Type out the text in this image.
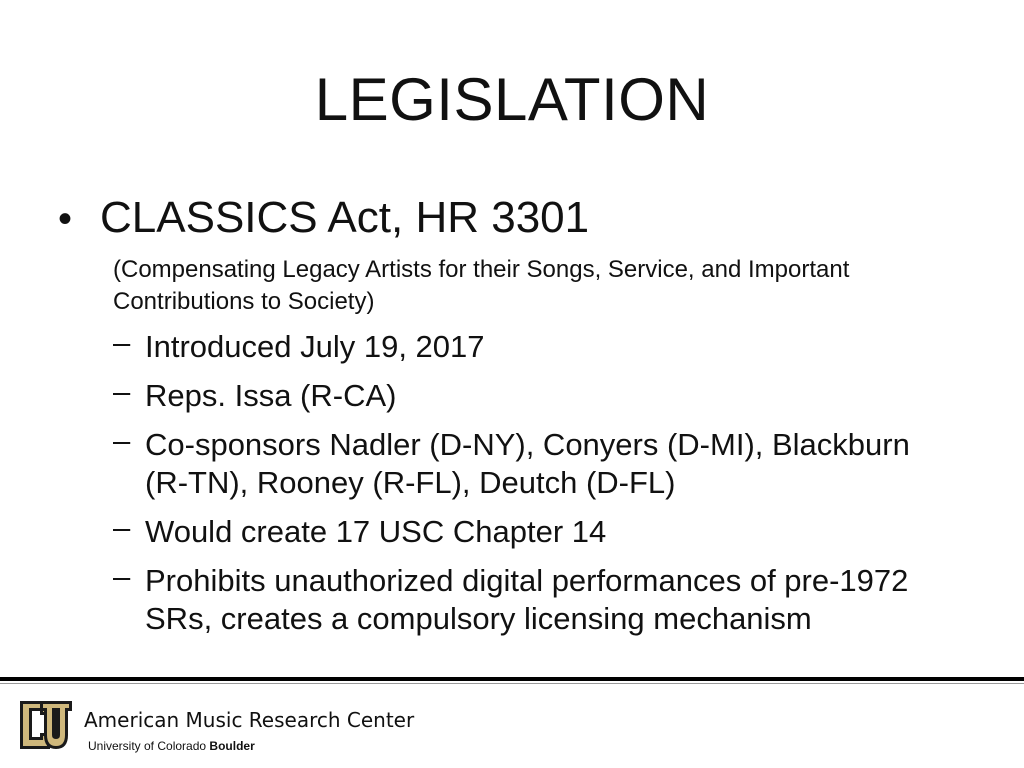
LEGISLATION
• CLASSICS Act, HR 3301
(Compensating Legacy Artists for their Songs, Service, and Important Contributions to Society)
– Introduced July 19, 2017
– Reps. Issa (R-CA)
– Co-sponsors Nadler (D-NY), Conyers (D-MI), Blackburn (R-TN), Rooney (R-FL), Deutch (D-FL)
– Would create 17 USC Chapter 14
– Prohibits unauthorized digital performances of pre-1972 SRs, creates a compulsory licensing mechanism
American Music Research Center
University of Colorado Boulder
